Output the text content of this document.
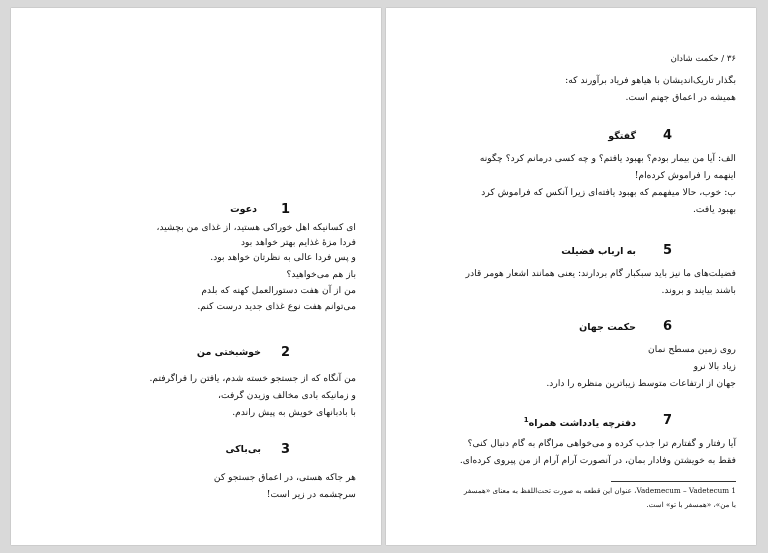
1
دعوت
ای کسانیکه اهل خوراکی هستید، از غذای من بچشید،
فردا مزهٔ غذایم بهتر خواهد بود
و پس فردا عالی به نظرتان خواهد بود.
باز هم می‌خواهید؟
من از آن هفت دستورالعمل کهنه که بلدم
می‌توانم هفت نوع غذای جدید درست کنم.
2
خوشبختی من
من آنگاه که از جستجو خسته شدم، یافتن را فراگرفتم.
و زمانیکه بادی مخالف وزیدن گرفت،
با بادبانهای خویش به پیش راندم.
3
بی‌باکی
هر جاکه هستی، در اعماق جستجو کن
سرچشمه در زیر است!
۳۶ / حکمت شادان
بگذار تاریک‌اندیشان با هیاهو فریاد برآورند که:
همیشه در اعماق جهنم است.
4
گفتگو
الف: آیا من بیمار بودم؟ بهبود یافتم؟ و چه کسی درمانم کرد؟ چگونه
اینهمه را فراموش کرده‌ام!
ب: خوب، حالا میفهمم که بهبود یافته‌ای زیرا آنکس که فراموش کرد
بهبود یافت.
5
به ارباب فضیلت
فضیلت‌های ما نیز باید سبکبار گام بردارند: یعنی همانند اشعار هومر قادر
باشند بیایند و بروند.
6
حکمت جهان
روی زمین مسطح نمان
زیاد بالا نرو
جهان از ارتفاعات متوسط زیباترین منظره را دارد.
7
دفترچه یادداشت همراه$^1$
آیا رفتار و گفتارم ترا جذب کرده و می‌خواهی مراگام به گام دنبال کنی؟
فقط به خویشتن وفادار بمان، در آنصورت آرام آرام از من پیروی کرده‌ای.
1 Vademecum – Vadetecum، عنوان این قطعه به صورت تحت‌اللفظ به معنای «همسفر
با من»، «همسفر با تو» است.
